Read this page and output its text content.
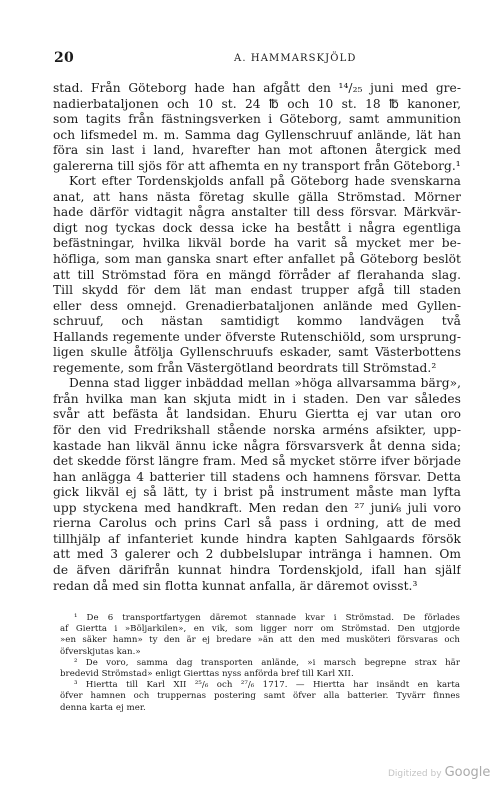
20	A. HAMMARSKJÖLD
stad. Från Göteborg hade han afgått den ¹⁴/₂₅ juni med gre-
nadierbataljonen och 10 st. 24 ℔ och 10 st. 18 ℔ kanoner,
som tagits från fästningsverken i Göteborg, samt ammunition
och lifsmedel m. m. Samma dag Gyllenschruuf anlände, lät han
föra sin last i land, hvarefter han mot aftonen återgick med
galererna till sjös för att afhemta en ny transport från Göteborg.¹
Kort efter Tordenskjolds anfall på Göteborg hade svenskarna
anat, att hans nästa företag skulle gälla Strömstad. Mörner
hade därför vidtagit några anstalter till dess försvar. Märkvär-
digt nog tyckas dock dessa icke ha bestått i några egentliga
befästningar, hvilka likväl borde ha varit så mycket mer be-
höfliga, som man ganska snart efter anfallet på Göteborg beslöt
att till Strömstad föra en mängd förråder af flerahanda slag.
Till skydd för dem lät man endast trupper afgå till staden
eller dess omnejd. Grenadierbataljonen anlände med Gyllen-
schruuf, och nästan samtidigt kommo landvägen två
Hallands regemente under öfverste Rutenschiöld, som ursprung-
ligen skulle åtfölja Gyllenschruufs eskader, samt Västerbottens
regemente, som från Västergötland beordrats till Strömstad.²
Denna stad ligger inbäddad mellan »höga allvarsamma bärg»,
från hvilka man kan skjuta midt in i staden. Den var således
svår att befästa åt landsidan. Ehuru Giertta ej var utan oro
för den vid Fredrikshall stående norska arméns afsikter, upp-
kastade han likväl ännu icke några försvarsverk åt denna sida;
det skedde först längre fram. Med så mycket större ifver började
han anlägga 4 batterier till stadens och hamnens försvar. Detta
gick likväl ej så lätt, ty i brist på instrument måste man lyfta
upp styckena med handkraft. Men redan den ²⁷ juni⁄₈ juli voro
rierna Carolus och prins Carl så pass i ordning, att de med
tillhjälp af infanteriet kunde hindra kapten Sahlgaards försök
att med 3 galerer och 2 dubbelslupar intränga i hamnen. Om
de äfven därifrån kunnat hindra Tordenskjold, ifall han själf
redan då med sin flotta kunnat anfalla, är däremot ovisst.³
¹ De 6 transportfartygen däremot stannade kvar i Strömstad. De förlades
af Giertta i »Böljarkilen», en vik, som ligger norr om Strömstad. Den utgjorde
»en säker hamn» ty den är ej bredare »än att den med musköteri försvaras och
öfverskjutas kan.»
² De voro, samma dag transporten anlände, »i marsch begrepne strax här
bredevid Strömstad» enligt Gierttas nyss anförda bref till Karl XII.
³ Hiertta till Karl XII ²⁵/₆ och ²⁷/₆ 1717. — Hiertta har insändt en karta
öfver hamnen och truppernas postering samt öfver alla batterier. Tyvärr finnes
denna karta ej mer.
Digitized by Google
